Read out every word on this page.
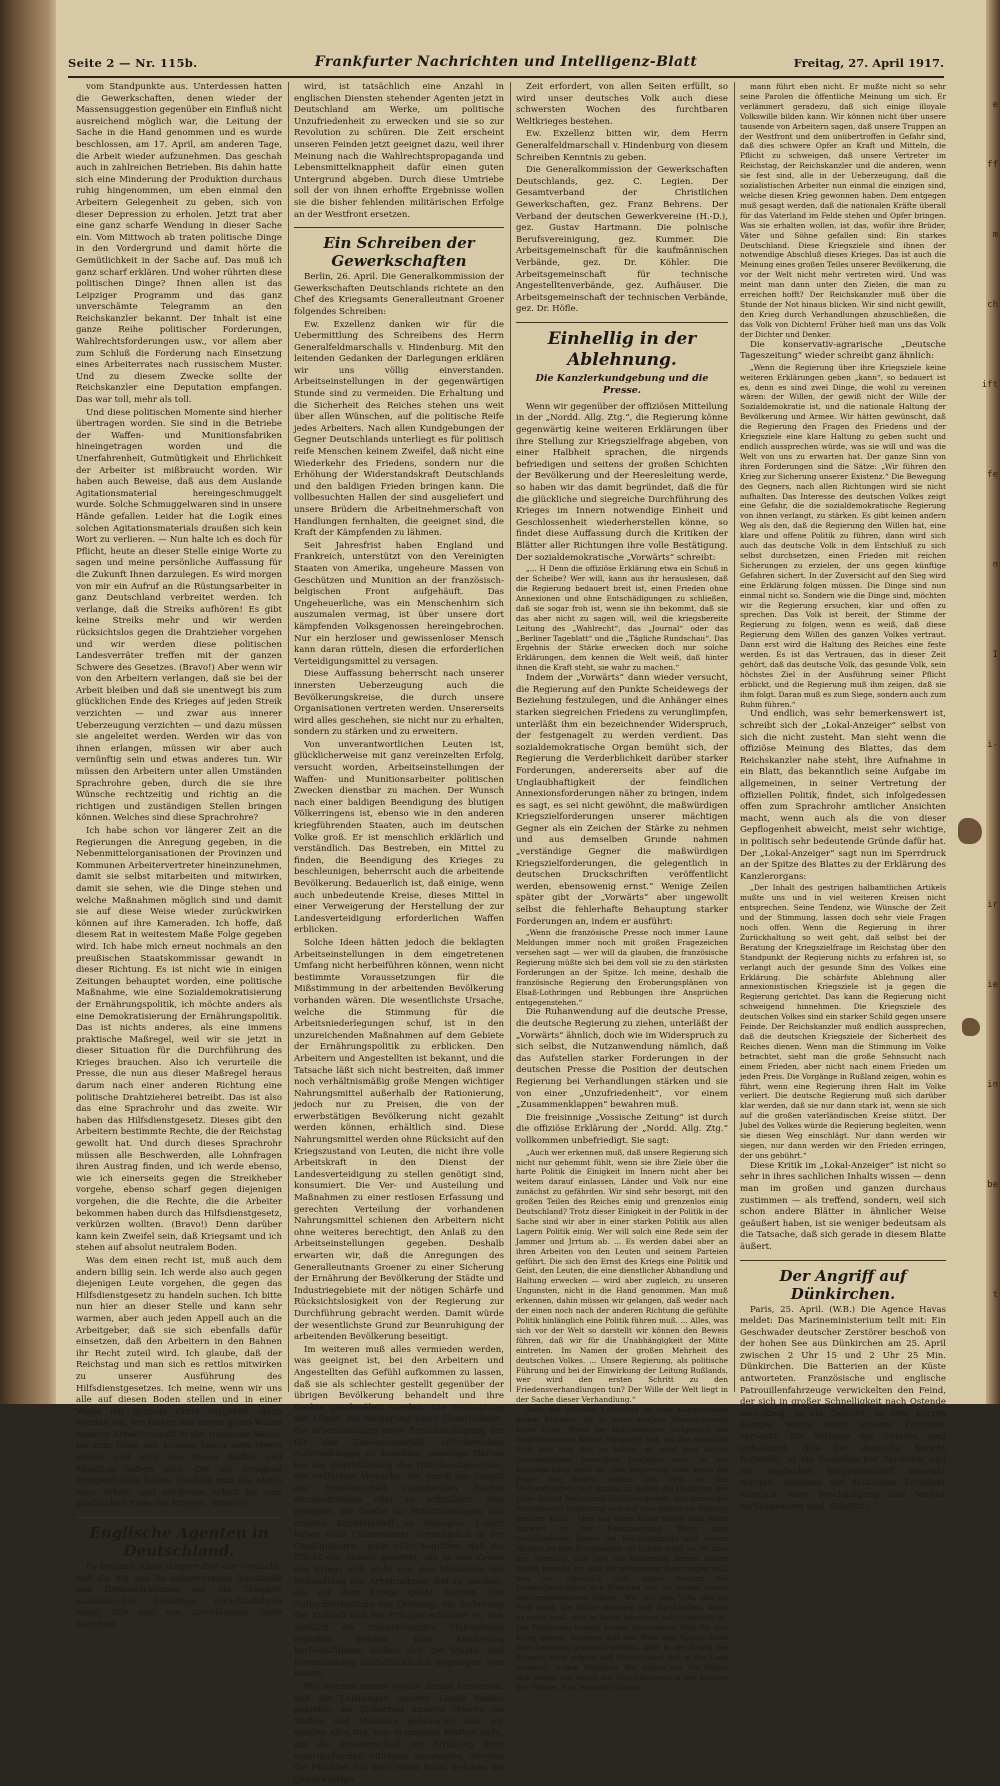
Seite 2 — Nr. 115b.	Frankfurter Nachrichten und Intelligenz-Blatt	Freitag, 27. April 1917.

vom Standpunkte aus. Unterdessen hatten die Gewerkschaften, denen wieder der Massensuggestion gegenüber ein Einfluß nicht ausreichend möglich war, die Leitung der Sache in die Hand genommen und es wurde beschlossen, am 17. April, am anderen Tage, die Arbeit wieder aufzunehmen. Das geschah auch in zahlreichen Betrieben. Bis dahin hatte sich eine Minderung der Produktion durchaus ruhig hingenommen, um eben einmal den Arbeitern Gelegenheit zu geben, sich von dieser Depression zu erholen. Jetzt trat aber eine ganz scharfe Wendung in dieser Sache ein. Vom Mittwoch ab traten politische Dinge in den Vordergrund und damit hörte die Gemütlichkeit in der Sache auf. Das muß ich ganz scharf erklären. Und woher rührten diese politischen Dinge? Ihnen allen ist das Leipziger Programm und das ganz unverschämte Telegramm an den Reichskanzler bekannt. Der Inhalt ist eine ganze Reihe politischer Forderungen, Wahlrechtsforderungen usw., vor allem aber zum Schluß die Forderung nach Einsetzung eines Arbeiterrates nach russischem Muster. Und zu diesem Zwecke sollte der Reichskanzler eine Deputation empfangen. Das war toll, mehr als toll.

Und diese politischen Momente sind hierher übertragen worden. Sie sind in die Betriebe der Waffen- und Munitionsfabriken hineingetragen worden und die Unerfahrenheit, Gutmütigkeit und Ehrlichkeit der Arbeiter ist mißbraucht worden. Wir haben auch Beweise, daß aus dem Auslande Agitationsmaterial hereingeschmuggelt wurde. Solche Schmuggelwaren sind in unsere Hände gefallen. Leider hat die Logik eines solchen Agitationsmaterials draußen sich kein Wort zu verlieren. — Nun halte ich es doch für Pflicht, heute an dieser Stelle einige Worte zu sagen und meine persönliche Auffassung für die Zukunft Ihnen darzulegen. Es wird morgen von mir ein Aufruf an die Rüstungsarbeiter in ganz Deutschland verbreitet werden. Ich verlange, daß die Streiks aufhören! Es gibt keine Streiks mehr und wir werden rücksichtslos gegen die Drahtzieher vorgehen und wir werden diese politischen Landesverräter treffen mit der ganzen Schwere des Gesetzes. (Bravo!) Aber wenn wir von den Arbeitern verlangen, daß sie bei der Arbeit bleiben und daß sie unentwegt bis zum glücklichen Ende des Krieges auf jeden Streik verzichten — und zwar aus innerer Ueberzeugung verzichten — und dazu müssen sie angeleitet werden. Werden wir das von ihnen erlangen, müssen wir aber auch vernünftig sein und etwas anderes tun. Wir müssen den Arbeitern unter allen Umständen Sprachrohre geben, durch die sie ihre Wünsche rechtzeitig und richtig an die richtigen und zuständigen Stellen bringen können. Welches sind diese Sprachrohre?

Ich habe schon vor längerer Zeit an die Regierungen die Anregung gegeben, in die Nebenmittelorganisationen der Provinzen und Kommunen Arbeitervertreter hineinzunehmen, damit sie selbst mitarbeiten und mitwirken, damit sie sehen, wie die Dinge stehen und welche Maßnahmen möglich sind und damit sie auf diese Weise wieder zurückwirken können auf ihre Kameraden. Ich hoffe, daß diesem Rat in weitestem Maße Folge gegeben wird. Ich habe mich erneut nochmals an den preußischen Staatskommissar gewandt in dieser Richtung. Es ist nicht wie in einigen Zeitungen behauptet worden, eine politische Maßnahme, wie eine Sozialdemokratisierung der Ernährungspolitik, ich möchte anders als eine Demokratisierung der Ernährungspolitik. Das ist nichts anderes, als eine immens praktische Maßregel, weil wir sie jetzt in dieser Situation für die Durchführung des Krieges brauchen. Also ich verurteile die Presse, die nun aus dieser Maßregel heraus darum nach einer anderen Richtung eine politische Drahtzieherei betreibt. Das ist also das eine Sprachrohr und das zweite. Wir haben das Hilfsdienstgesetz. Dieses gibt den Arbeitern bestimmte Rechte, die der Reichstag gewollt hat. Und durch dieses Sprachrohr müssen alle Beschwerden, alle Lohnfragen ihren Austrag finden, und ich werde ebenso, wie ich einerseits gegen die Streikheber vorgehe, ebenso scharf gegen diejenigen vorgehen, die die Rechte, die die Arbeiter bekommen haben durch das Hilfsdienstgesetz, verkürzen wollten. (Bravo!) Denn darüber kann kein Zweifel sein, daß Kriegsamt und ich stehen auf absolut neutralem Boden.

Was dem einen recht ist, muß auch dem andern billig sein. Ich werde also auch gegen diejenigen Leute vorgehen, die gegen das Hilfsdienstgesetz zu handeln suchen. Ich bitte nun hier an dieser Stelle und kann sehr warmen, aber auch jeden Appell auch an die Arbeitgeber, daß sie sich ebenfalls dafür einsetzen, daß den Arbeitern in den Bahnen ihr Recht zuteil wird. Ich glaube, daß der Reichstag und man sich es rettlos mitwirken zu unserer Ausführung des Hilfsdienstgesetzes. Ich meine, wenn wir uns alle auf diesen Boden stellen und in einer Weise mit ganzem Ernst vorgehen, dann werden wir, wie bisher, mit einem guten Willen unserer Arbeiterschaft in der treuesten Weise, bis zum Ende des Krieges hinter dem Heere stehen und wird den Heere Waffen und Munition liefern wird. Die wir dringend dringend nötig haben. Deshalb muß das Motto sein: Arbeit, und wiederum Arbeit bis zum glücklichen Ende des Krieges. (Bravo!)

Englische Agenten in Deutschland.

Es bestand schon längere Zeit der Verdacht, daß die die und da aufgetretenen Ausstände und Demonstrationen auf die Tätigkeit ausländischer Sendlinge zurückzuführen seien. Wie nun von zuverlässiger Seite berichtet

wird, ist tatsächlich eine Anzahl in englischen Diensten stehender Agenten jetzt in Deutschland am Werke, um politische Unzufriedenheit zu erwecken und sie so zur Revolution zu schüren. Die Zeit erscheint unseren Feinden jetzt geeignet dazu, weil ihrer Meinung nach die Wahlrechtspropaganda und Lebensmittelknappheit dafür einen guten Untergrund abgeben. Durch diese Umtriebe soll der von ihnen erhoffte Ergebnisse wollen sie die bisher fehlenden militärischen Erfolge an der Westfront ersetzen.

Ein Schreiben der Gewerkschaften

Berlin, 26. April. Die Generalkommission der Gewerkschaften Deutschlands richtete an den Chef des Kriegsamts Generalleutnant Groener folgendes Schreiben:

Ew. Exzellenz danken wir für die Uebermittlung des Schreibens des Herrn Generalfeldmarschalls v. Hindenburg. Mit den leitenden Gedanken der Darlegungen erklären wir uns völlig einverstanden. Arbeitseinstellungen in der gegenwärtigen Stunde sind zu vermeiden. Die Erhaltung und die Sicherheit des Reiches stehen uns weit über allen Wünschen, auf die politische Reife jedes Arbeiters. Nach allen Kundgebungen der Gegner Deutschlands unterliegt es für politisch reife Menschen keinem Zweifel, daß nicht eine Wiederkehr des Friedens, sondern nur die Erhöhung der Widerstandskraft Deutschlands und den baldigen Frieden bringen kann. Die vollbesuchten Hallen der sind ausgeliefert und unsere Brüdern die Arbeitnehmerschaft von Handlungen fernhalten, die geeignet sind, die Kraft der Kämpfenden zu lähmen.

Seit Jahresfrist haben England und Frankreich, unterstützt von den Vereinigten Staaten von Amerika, ungeheure Massen von Geschützen und Munition an der französisch-belgischen Front aufgehäuft. Das Ungeheuerliche, was ein Menschenhirn sich auszumalen vermag, ist über unsere dort kämpfenden Volksgenossen hereingebrochen. Nur ein herzloser und gewissenloser Mensch kann daran rütteln, diesen die erforderlichen Verteidigungsmittel zu versagen.

Diese Auffassung beherrscht nach unserer innersten Ueberzeugung auch die Bevölkerungskreise, die durch unsere Organisationen vertreten werden. Unsererseits wird alles geschehen, sie nicht nur zu erhalten, sondern zu stärken und zu erweitern.

Von unverantwortlichen Leuten ist, glücklicherweise mit ganz vereinzelten Erfolg, versucht worden, Arbeitseinstellungen der Waffen- und Munitionsarbeiter politischen Zwecken dienstbar zu machen. Der Wunsch nach einer baldigen Beendigung des blutigen Völkerringens ist, ebenso wie in den anderen kriegführenden Staaten, auch im deutschen Volke groß. Er ist menschlich erklärlich und verständlich. Das Bestreben, ein Mittel zu finden, die Beendigung des Krieges zu beschleunigen, beherrscht auch die arbeitende Bevölkerung. Bedauerlich ist, daß einige, wenn auch unbedeutende Kreise, dieses Mittel in einer Verweigerung der Herstellung der zur Landesverteidigung erforderlichen Waffen erblicken.

Solche Ideen hätten jedoch die beklagten Arbeitseinstellungen in dem eingetretenen Umfang nicht herbeiführen können, wenn nicht bestimmte Voraussetzungen für die Mißstimmung in der arbeitenden Bevölkerung vorhanden wären. Die wesentlichste Ursache, welche die Stimmung für die Arbeitsniederlegungen schuf, ist in den unzureichenden Maßnahmen auf dem Gebiete der Ernährungspolitik zu erblicken. Den Arbeitern und Angestellten ist bekannt, und die Tatsache läßt sich nicht bestreiten, daß immer noch verhältnismäßig große Mengen wichtiger Nahrungsmittel außerhalb der Rationierung, jedoch nur zu Preisen, die von der erwerbstätigen Bevölkerung nicht gezahlt werden können, erhältlich sind. Diese Nahrungsmittel werden ohne Rücksicht auf den Kriegszustand von Leuten, die nicht ihre volle Arbeitskraft in den Dienst der Landesverteidigung zu stellen genötigt sind, konsumiert. Die Ver- und Austeilung und Maßnahmen zu einer restlosen Erfassung und gerechten Verteilung der vorhandenen Nahrungsmittel schienen den Arbeitern nicht ohne weiteres berechtigt, den Anlaß zu den Arbeitseinstellungen gegeben. Deshalb erwarten wir, daß die Anregungen des Generalleutnants Groener zu einer Sicherung der Ernährung der Bevölkerung der Städte und Industriegebiete mit der nötigen Schärfe und Rücksichtslosigkeit von der Regierung zur Durchführung gebracht werden. Damit würde der wesentlichste Grund zur Beunruhigung der arbeitenden Bevölkerung beseitigt.

Im weiteren muß alles vermieden werden, was geeignet ist, bei den Arbeitern und Angestellten das Gefühl aufkommen zu lassen, daß sie als schlechter gestellt gegenüber der übrigen Bevölkerung behandelt und ihre Rechte geschmälert werden. Die Festsetzung der Löhne, die Weigerung vieler Unternehmer, die Arbeitsleistung unter Berücksichtigung der für den Lebensunterhalt erforderlichen Aufwendungen zu bezahlen, unnötige Härten bei der Durchführung des Hilfsdienstgesetzes, die vielfachen Versuche, die durch das Gesetz der Arbeiterschaft zustehenden Rechte einzuschränken oder zu schmälern, sind geeignet, die Quelle für Mißstimmungen und ernsten Konfliktsstoff zu erzeugen. Leider haben viele Unternehmer, vornehmlich in der Groß-Industrie, noch nicht begriffen, daß die Pflicht der Stunde gebietet, um in den Zeiten des Kriegs sich nicht von den Methoden der Behandlung der Arbeitnehmer frei zu machen, die vor dem Kriege geübt wurden. Die Aufrechterhaltung der Ordnung, die Sicherung der Zukunft und des Erfolges erfordert es, daß wirklich die entsprechenden Maßnahmen ergriffen werden. Eine Aenderung herbeizuführen, sollten sich die Staats- und Heeresleitung nachdrücklichst angelegen sein lassen.

Wir werden immer wieder darauf hinweisen, daß die Leistungen unserer Lande herdes gebietet, die Sicherheit unseres Heeres die Waffen und Munition gebraucht, und wir werden alles tun, was in unseren Kräften steht, um die Arbeiterschaft zur Erfüllung ihrer vaterländischen Pflichten anzuhalten. Werden die Pflichten mit dem ieines Ernst welchen die gegenwärtige

Zeit erfordert, von allen Seiten erfüllt, so wird unser deutsches Volk auch diese schwersten Wochen des furchtbaren Weltkrieges bestehen.

Ew. Exzellenz bitten wir, dem Herrn Generalfeldmarschall v. Hindenburg von diesem Schreiben Kenntnis zu geben.

Die Generalkommission der Gewerkschaften Deutschlands, gez. C. Legien. Der Gesamtverband der Christlichen Gewerkschaften, gez. Franz Behrens. Der Verband der deutschen Gewerkvereine (H.-D.), gez. Gustav Hartmann. Die polnische Berufsvereinigung, gez. Kummer. Die Arbeitsgemeinschaft für die kaufmännischen Verbände, gez. Dr. Köhler. Die Arbeitsgemeinschaft für technische Angestelltenverbände, gez. Aufhäuser. Die Arbeitsgemeinschaft der technischen Verbände, gez. Dr. Höfle.

Einhellig in der Ablehnung.
Die Kanzlerkundgebung und die Presse.

Wenn wir gegenüber der offiziösen Mitteilung in der „Nordd. Allg. Ztg.“, die Regierung könne gegenwärtig keine weiteren Erklärungen über ihre Stellung zur Kriegszielfrage abgeben, von einer Halbheit sprachen, die nirgends befriedigen und seitens der großen Schichten der Bevölkerung und der Heeresleitung werde, so haben wir das damit begründet, daß die für die glückliche und siegreiche Durchführung des Krieges im Innern notwendige Einheit und Geschlossenheit wiederherstellen könne, so findet diese Auffassung durch die Kritiken der Blätter aller Richtungen ihre volle Bestätigung. Der sozialdemokratische „Vorwärts“ schreibt:

„... H Denn die offiziöse Erklärung etwa ein Schuß in der Scheibe? Wer will, kann aus ihr herauslesen, daß die Regierung bedauert breit ist, einen Frieden ohne Annexionen und ohne Entschädigungen zu schließen, daß sie sogar froh ist, wenn sie ihn bekommt, daß sie das aber nicht zu sagen will, weil die kriegsbereite Leitung des „Wahlrecht“, das „Journal“ oder das „Berliner Tageblatt“ und die „Tägliche Rundschau“. Das Ergebnis der Stärke erwecken doch nur solche Erklärungen, dem kennen die Welt weiß, daß hinter ihnen die Kraft steht, sie wahr zu machen.“

Indem der „Vorwärts“ dann wieder versucht, die Regierung auf den Punkte Scheidewegs der Beziehung festzulegen, und die Anhänger eines starken siegreichen Friedens zu verunglimpfen, unterläßt ihm ein bezeichnender Widerspruch, der festgenagelt zu werden verdient. Das sozialdemokratische Organ bemüht sich, der Regierung die Verderblichkeit darüber starker Forderungen, andererseits aber auf die Unglaubhaftigkeit der feindlichen Annexionsforderungen näher zu bringen, indem es sagt, es sei nicht gewöhnt, die maßwürdigen Kriegszielforderungen unserer mächtigen Gegner als ein Zeichen der Stärke zu nehmen und aus demselben Grunde nahmen „verständige Gegner die maßwürdigen Kriegszielforderungen, die gelegentlich in deutschen Druckschriften veröffentlicht werden, ebensowenig ernst.“ Wenige Zeilen später gibt der „Vorwärts“ aber ungewollt selbst die fehlerhafte Behauptung starker Forderungen an, indem er ausführt:

„Wenn die französische Presse noch immer Laune Meldungen immer noch mit großen Fragezeichen versehen sagt — wer will da glauben, die französische Regierung müßte sich bei dem voll sie zu den stärksten Forderungen an der Spitze. Ich meine, deshalb die französische Regierung den Eroberungsplänen von Elsaß-Lothringen und Rebbungen ihre Ansprüchen entgegenstehen.“

Die Ruhanwendung auf die deutsche Presse, die deutsche Regierung zu ziehen, unterläßt der „Vorwärts“ ähnlich, doch wie im Widerspruch zu sich selbst, die Nutzanwendung nämlich, daß das Aufstellen starker Forderungen in der deutschen Presse die Position der deutschen Regierung bei Verhandlungen stärken und sie von einer „Unzufriedenheit“, vor einem „Zusammenklappen“ bewahren muß.

Die freisinnige „Vossische Zeitung“ ist durch die offiziöse Erklärung der „Nordd. Allg. Ztg.“ vollkommen unbefriedigt. Sie sagt:

„Auch wer erkennen muß, daß unsere Regierung sich nicht nur gehemmt fühlt, wenn sie ihre Ziele über die harte Politik die Einigkeit im Innern nicht aber bei weitem darauf einlassen, Länder und Volk nur eine zunächst zu gefährden. Wir sind sehr besorgt, mit den großen Teilen des Reiches einig und grenzenlos einig Deutschland? Trotz dieser Einigkeit in der Politik in der Sache sind wir aber in einer starken Politik aus allen Lagern Politik einig. Wer will solch eine Rede sein der Jammer und Jrrtum ab. ... Es werden dabei aber an ihren Arbeiten von den Leuten und seinem Parteien geführt. Die sich den Ernst des Kriegs eine Politik und Geist, den Leuten, die eine dienstlicher Abhandlung und Haltung erwecken — wird aber zugleich, zu unseren Ungunsten, nicht in die Hand genommen. Man muß erkennen, dahin müssen wir gelangen, daß weder nach der einen noch nach der anderen Richtung die gefühlte Politik hinlänglich eine Politik führen muß. ... Alles, was sich vor der Welt so darstellt wir können den Beweis führen, daß wir für die Unabhängigkeit der Mitte eintreten. Im Namen der großen Mehrheit des deutschen Volkes. ... Unsere Regierung, als politische Führung und bei der Einwirkung der Leitung Rußlands, wer wird den ersten Schritt zu den Friedensverhandlungen tun? Der Wille der Welt liegt in der Sache dieser Verhandlung.“

Auch die offiziöse Erklärung ist eine Kampfansage gegen England. Im so einer solchen Verwirklichung keine Rede. Wenn der Reichskanzler fortgesetzt die vaterländischen Kreise festgelegt hat, um das deutsche Volk klar und fest zu haben, so wird eine solche Stellungnahme besonders fruchtbar sein. In der Kundmachung heißt es: „Die Regierung wird, wenn die Frage von beiden Seiten, den Weg zu den Verhandlungen, sich einmal zu stellen die Handlung der Lage darauf bedeutend Schlüsse ziehen, aus denen die französische Regierung sich auf eine politische Haltung berufen kann.“ Aber auf diese Frage findet man keine Antwort in der Kundmachung. Wenn man verschiedenen Reden die Reichskanzlers und seinen Worten zu den Kriegszielen im Lande folgt, so ist man der Meinung, daß sich die Regierung keinen klaren Zielen bewußt ist, daß sie niemanden mehr sagen will, was sie eigentlich will; daher werden die Unterscheidungen der Stimmen nur zu immer neuen Mißverständnissen führen. Wie soll das Volk, das im Feld steht, die Sache ertragen und durchhalten, wenn es nicht weiß, was es dabei gewinnen soll? Gemeint ist: Die Regierung könnte keinen bestimmten Weg für den Krieg gehen, dagegen soll der Wille der Nation nicht zum Ausdruck gebracht werden. Aber in der Arbeit des Krieges, wird zeigen, daß Deutschland sich in der Lage befindet, in den Debatten. Wir ziehen ein. Sie fühlen sich selbst, aus denen das Durchdrungen in den Kreisen der Feinde. Nur leitender Staats-

mann führt eben nicht. Er mußte nicht so sehr seine Parolen die öffentliche Meinung um sich. Er verlämmert geradezu, daß sich einige illoyale Volkswille bilden kann. Wir können nicht über unsere tausende von Arbeitern sagen, daß unsere Truppen an der Westfront und dem unübertroffen in Gefahr sind, daß dies schwere Opfer an Kraft und Mitteln, die Pflicht zu schweigen, daß unsere Vertreter im Reichstag, der Reichskanzler und die anderen, wenn sie fest sind, alle in der Ueberzeugung, daß die sozialistischen Arbeiter nun einmal die einzigen sind, welche diesen Krieg gewonnen haben. Dem entgegen muß gesagt werden, daß die nationalen Kräfte überall für das Vaterland im Felde stehen und Opfer bringen. Was sie erhalten wollen, ist das, wofür ihre Brüder, Väter und Söhne gefallen sind: Ein starkes Deutschland. Diese Kriegsziele sind ihnen der notwendige Abschluß dieses Krieges. Das ist auch die Meinung eines großen Teiles unserer Bevölkerung, die vor der Welt nicht mehr vertreten wird. Und was meint man dann unter den Zielen, die man zu erreichen hofft? Der Reichskanzler muß über die Stunde der Not hinaus blicken. Wir sind nicht gewillt, den Krieg durch Verhandlungen abzuschließen, die das Volk von Dichtern! Früher hieß man uns das Volk der Dichter und Denker.

Die konservativ-agrarische „Deutsche Tageszeitung“ wieder schreibt ganz ähnlich:

„Wenn die Regierung über ihre Kriegsziele keine weiteren Erklärungen geben „kann“, so bedauert ist es, denn es sind zwei Dinge, die wohl zu vereinen wären: der Willen, der gewiß nicht der Wille der Sozialdemokratie ist, und die nationale Haltung der Bevölkerung und Armee. Wir hätten gewünscht, daß die Regierung den Fragen des Friedens und der Kriegsziele eine klare Haltung zu geben sucht und endlich aussprechen würde, was sie will und was die Welt von uns zu erwarten hat. Der ganze Sinn von ihren Forderungen sind die Sätze: „Wir führen den Krieg zur Sicherung unserer Existenz.“ Die Bewegung des Gegners, nach allen Richtungen wird sie nicht aufhalten. Das Interesse des deutschen Volkes zeigt eine Gefahr, die die sozialdemokratische Regierung von ihnen verlangt, zu stärken. Es gibt keinen andern Weg als den, daß die Regierung den Willen hat, eine klare und offene Politik zu führen, dann wird sich auch das deutsche Volk in dem Entschluß zu sich selbst durchsetzen, einen Frieden mit reichen Sicherungen zu erzielen, der uns gegen künftige Gefahren sichert. In der Zuversicht auf den Sieg wird eine Erklärung folgen müssen. Die Dinge sind nun einmal nicht so. Sondern wie die Dinge sind, möchten wir die Regierung ersuchen, klar und offen zu sprechen. Das Volk ist bereit, der Stimme der Regierung zu folgen, wenn es weiß, daß diese Regierung dem Willen des ganzen Volkes vertraut. Dann erst wird die Haltung des Reiches eine feste werden. Es ist das Vertrauen, das in dieser Zeit gehört, daß das deutsche Volk, das gesunde Volk, sein höchstes Ziel in der Ausführung seiner Pflicht erblickt, und die Regierung muß ihm zeigen, daß sie ihm folgt. Daran muß es zum Siege, sondern auch zum Ruhm führen.“

Und endlich, was sehr bemerkenswert ist, schreibt sich der „Lokal-Anzeiger“ selbst von sich die nicht zusteht. Man sieht wenn die offiziöse Meinung des Blattes, das dem Reichskanzler nahe steht, ihre Aufnahme in ein Blatt, das bekanntlich seine Aufgabe im allgemeinen, in seiner Vertretung der offiziellen Politik, findet, sich infolgedessen offen zum Sprachrohr amtlicher Ansichten macht, wenn auch als die von dieser Gepflogenheit abweicht, meist sehr wichtige, in politisch sehr bedeutende Gründe dafür hat. Der „Lokal-Anzeiger“ sagt nun im Sperrdruck an der Spitze des Blattes zu der Erklärung des Kanzlerorgans:

„Der Inhalt des gestrigen halbamtlichen Artikels mußte uns und in viel weiteren Kreisen nicht entsprechen. Seine Tendenz, wie Wünsche der Zeit und der Stimmung, lassen doch sehr viele Fragen noch offen. Wenn die Regierung in ihrer Zurückhaltung so weit geht, daß selbst bei der Beratung der Kriegszielfrage im Reichstag über den Standpunkt der Regierung nichts zu erfahren ist, so verlangt auch der gesunde Sinn des Volkes eine Erklärung. Die schärfste Ablehnung aller annexionistischen Kriegsziele ist ja gegen die Regierung gerichtet. Das kann die Regierung nicht schweigend hinnehmen. Die Kriegsziele des deutschen Volkes sind ein starker Schild gegen unsere Feinde. Der Reichskanzler muß endlich aussprechen, daß die deutschen Kriegsziele der Sicherheit des Reiches dienen. Wenn man die Stimmung im Volke betrachtet, sieht man die große Sehnsucht nach einem Frieden, aber nicht nach einem Frieden um jeden Preis. Die Vorgänge in Rußland zeigen, wohin es führt, wenn eine Regierung ihren Halt im Volke verliert. Die deutsche Regierung muß sich darüber klar werden, daß sie nur dann stark ist, wenn sie sich auf die großen vaterländischen Kreise stützt. Der Jubel des Volkes würde die Regierung begleiten, wenn sie diesen Weg einschlägt. Nur dann werden wir siegen, nur dann werden wir den Frieden erringen, der uns gebührt.“

Diese Kritik im „Lokal-Anzeiger“ ist nicht so sehr in ihres sachlichen Inhalts wissen — denn man im großen und ganzen durchaus zustimmen — als treffend, sondern, weil sich schon andere Blätter in ähnlicher Weise geäußert haben, ist sie weniger bedeutsam als die Tatsache, daß sich gerade in diesem Blatte äußert.

Der Angriff auf Dünkirchen.

Paris, 25. April. (W.B.) Die Agence Havas meldet: Das Marineministerium teilt mit: Ein Geschwader deutscher Zerstörer beschoß von der hohen See aus Dünkirchen am 25. April zwischen 2 Uhr 15 und 2 Uhr 25 Min. Dünkirchen. Die Batterien an der Küste antworteten. Französische und englische Patrouillenfahrzeuge verwickelten den Feind, der sich in großer Schnelligkeit nach Ostende zurückzog, in ein Gefecht. In dem kurzen Kampfe wurde einer unserer Zerstörer versenkt. Die Verluste des Feindes sind unbekannt. (Die der deutsche Bericht feststellt, ist ein französischer Zerstörer und ein englischer Vorpostenschiff versenkt worden, während die deutschen Zerstörer sämtlich ohne Beschädigung und Verlust zurückgekehrt sind. Schriftl.)

e
ff
m
ch
ift
fe
n
I
i-
ir
ie
in
be
t
